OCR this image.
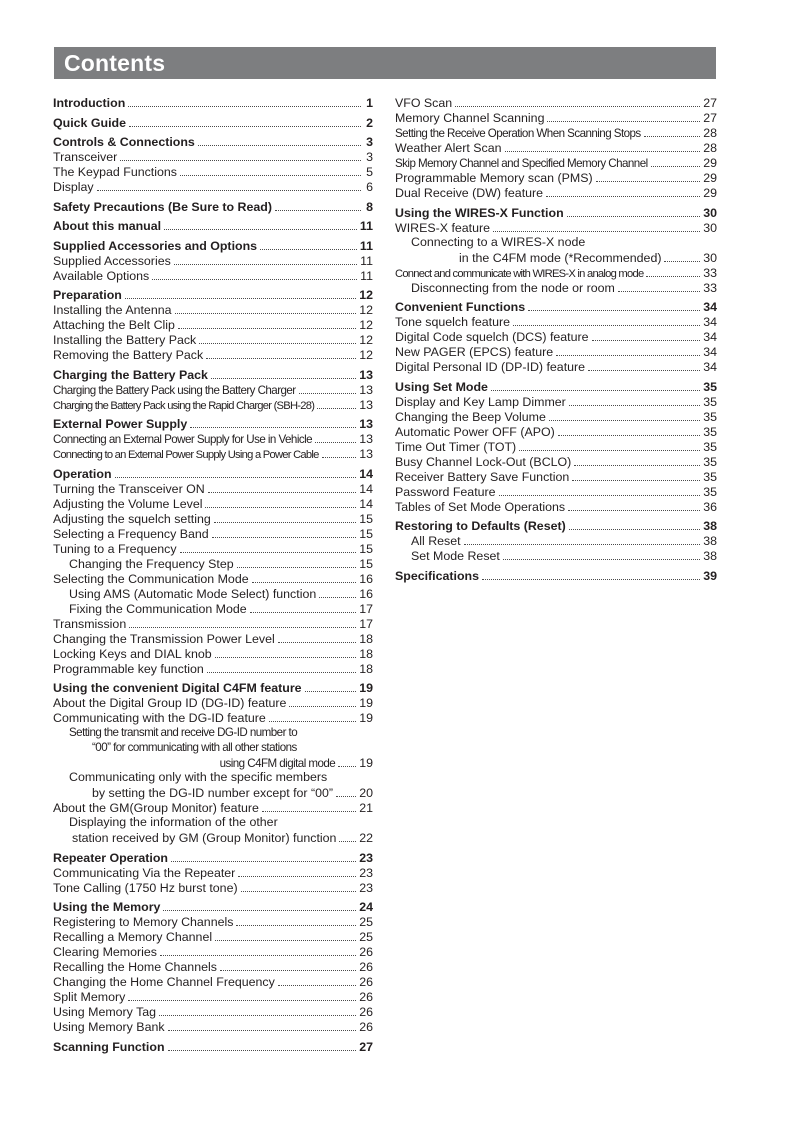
Contents
Introduction	1
Quick Guide	2
Controls & Connections	3
Transceiver	3
The Keypad Functions	5
Display	6
Safety Precautions (Be Sure to Read)	8
About this manual	11
Supplied Accessories and Options	11
Supplied Accessories	11
Available Options	11
Preparation	12
Installing the Antenna	12
Attaching the Belt Clip	12
Installing the Battery Pack	12
Removing the Battery Pack	12
Charging the Battery Pack	13
Charging the Battery Pack using the Battery Charger	13
Charging the Battery Pack using the Rapid Charger (SBH-28)	13
External Power Supply	13
Connecting an External Power Supply for Use in Vehicle	13
Connecting to an External Power Supply Using a Power Cable	13
Operation	14
Turning the Transceiver ON	14
Adjusting the Volume Level	14
Adjusting the squelch setting	15
Selecting a Frequency Band	15
Tuning to a Frequency	15
Changing the Frequency Step	15
Selecting the Communication Mode	16
Using AMS (Automatic Mode Select) function	16
Fixing the Communication Mode	17
Transmission	17
Changing the Transmission Power Level	18
Locking Keys and DIAL knob	18
Programmable key function	18
Using the convenient Digital C4FM feature	19
About the Digital Group ID (DG-ID) feature	19
Communicating with the DG-ID feature	19
Setting the transmit and receive DG-ID number to
“00” for communicating with all other stations
using C4FM digital mode 19
Communicating only with the specific members
by setting the DG-ID number except for “00” 20
About the GM(Group Monitor) feature	21
Displaying the information of the other
station received by GM (Group Monitor) function 22
Repeater Operation	23
Communicating Via the Repeater	23
Tone Calling (1750 Hz burst tone)	23
Using the Memory	24
Registering to Memory Channels	25
Recalling a Memory Channel	25
Clearing Memories	26
Recalling the Home Channels	26
Changing the Home Channel Frequency	26
Split Memory	26
Using Memory Tag	26
Using Memory Bank	26
Scanning Function	27
VFO Scan	27
Memory Channel Scanning	27
Setting the Receive Operation When Scanning Stops	28
Weather Alert Scan	28
Skip Memory Channel and Specified Memory Channel	29
Programmable Memory scan (PMS)	29
Dual Receive (DW) feature	29
Using the WIRES-X Function	30
WIRES-X feature	30
Connecting to a WIRES-X node
in the C4FM mode (*Recommended)	30
Connect and communicate with WIRES-X in analog mode	33
Disconnecting from the node or room	33
Convenient Functions	34
Tone squelch feature	34
Digital Code squelch (DCS) feature	34
New PAGER (EPCS) feature	34
Digital Personal ID (DP-ID) feature	34
Using Set Mode	35
Display and Key Lamp Dimmer	35
Changing the Beep Volume	35
Automatic Power OFF (APO)	35
Time Out Timer (TOT)	35
Busy Channel Lock-Out (BCLO)	35
Receiver Battery Save Function	35
Password Feature	35
Tables of Set Mode Operations	36
Restoring to Defaults (Reset)	38
All Reset	38
Set Mode Reset	38
Specifications	39
